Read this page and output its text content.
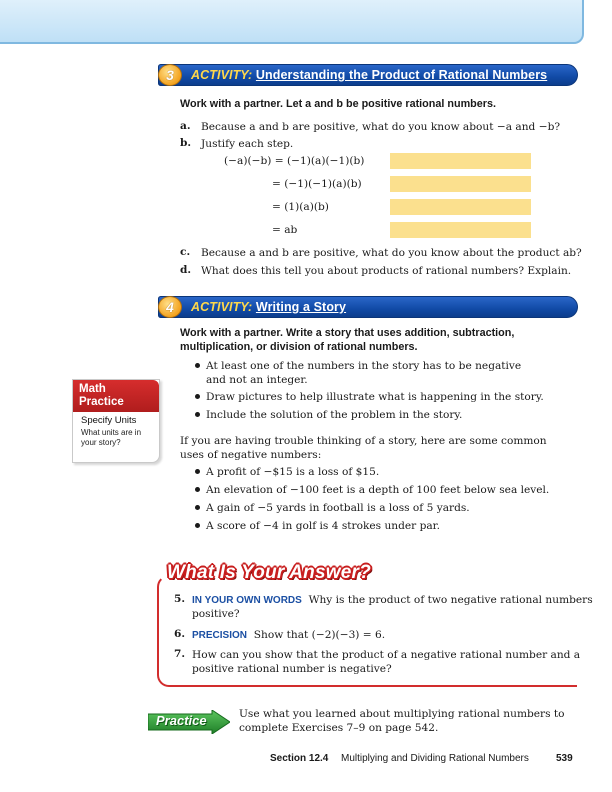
3	ACTIVITY: Understanding the Product of Rational Numbers
Work with a partner. Let a and b be positive rational numbers.
a. Because a and b are positive, what do you know about −a and −b?
b. Justify each step.
(−a)(−b) = (−1)(a)(−1)(b)
= (−1)(−1)(a)(b)
= (1)(a)(b)
= ab
c. Because a and b are positive, what do you know about the product ab?
d. What does this tell you about products of rational numbers? Explain.
4	ACTIVITY: Writing a Story
Work with a partner. Write a story that uses addition, subtraction,
multiplication, or division of rational numbers.
At least one of the numbers in the story has to be negative
and not an integer.
Draw pictures to help illustrate what is happening in the story.
Include the solution of the problem in the story.
If you are having trouble thinking of a story, here are some common
uses of negative numbers:
A profit of −$15 is a loss of $15.
An elevation of −100 feet is a depth of 100 feet below sea level.
A gain of −5 yards in football is a loss of 5 yards.
A score of −4 in golf is 4 strokes under par.
Math
Practice
Specify Units
What units are in
your story?
What Is Your Answer?
5. IN YOUR OWN WORDS Why is the product of two negative rational numbers
positive?
6. PRECISION Show that (−2)(−3) = 6.
7. How can you show that the product of a negative rational number and a
positive rational number is negative?
Practice	Use what you learned about multiplying rational numbers to
complete Exercises 7–9 on page 542.
Section 12.4 Multiplying and Dividing Rational Numbers	539
